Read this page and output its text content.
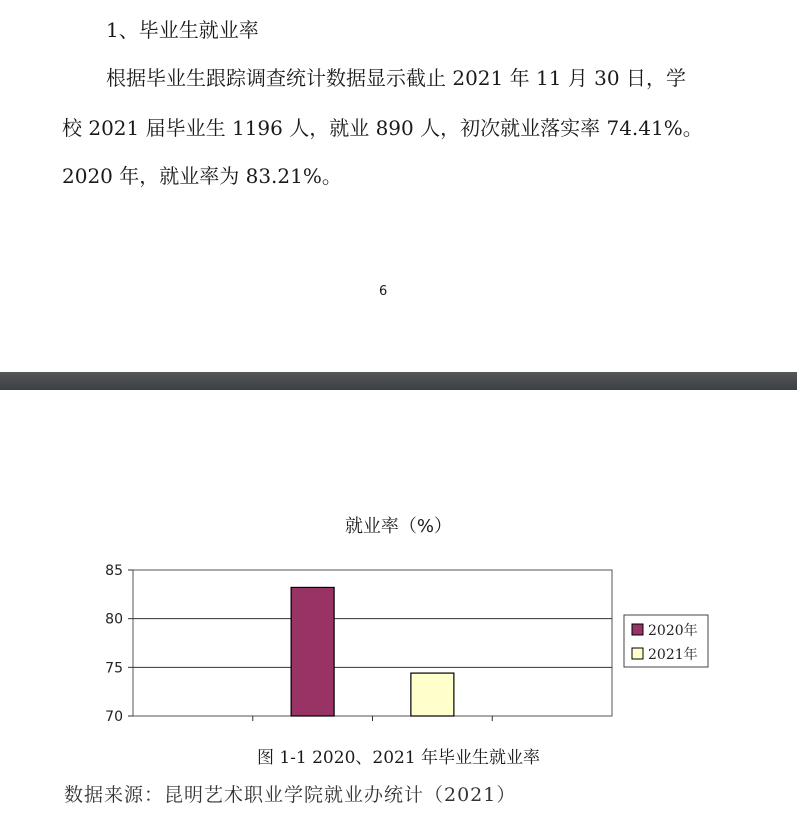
1、毕业生就业率
根据毕业生跟踪调查统计数据显示截止 2021 年 11 月 30 日，学
校 2021 届毕业生 1196 人，就业 890 人，初次就业落实率 74.41%。
2020 年，就业率为 83.21%。
6
就业率（%）
70
75
80
85
2020年
2021年
图 1-1 2020、2021 年毕业生就业率
数据来源：昆明艺术职业学院就业办统计（2021）
